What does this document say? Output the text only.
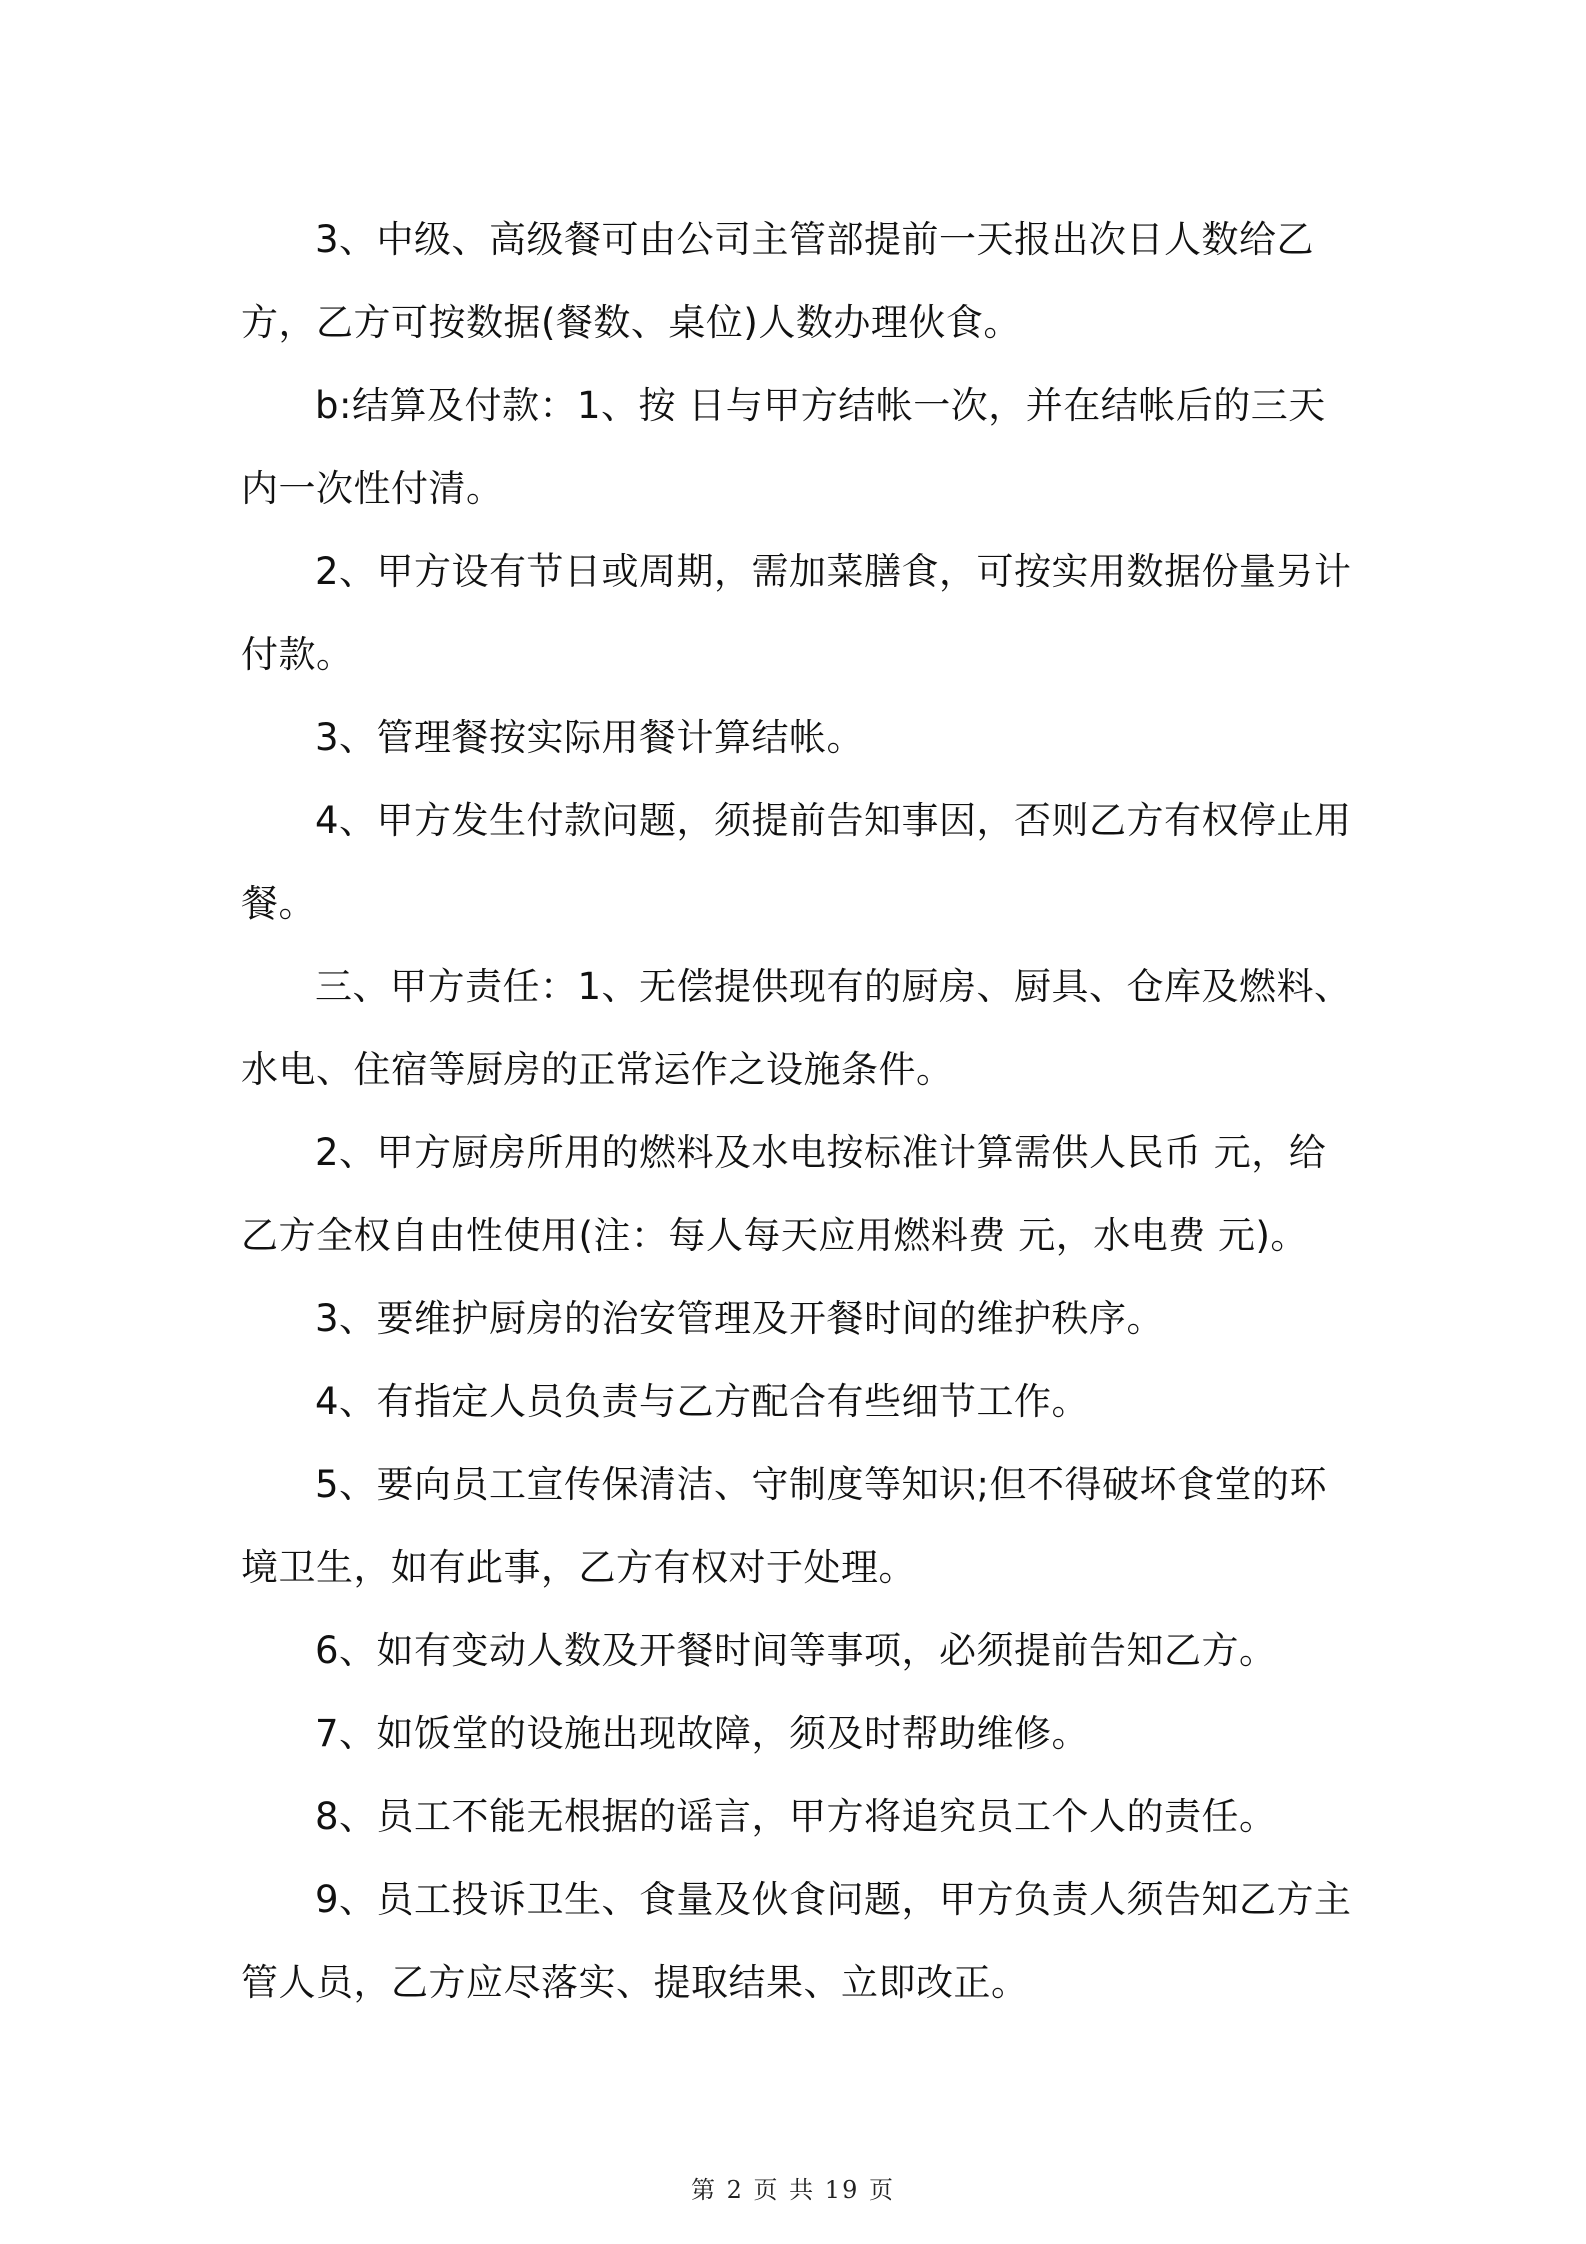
3、中级、高级餐可由公司主管部提前一天报出次日人数给乙方，乙方可按数据(餐数、桌位)人数办理伙食。

b:结算及付款：1、按 日与甲方结帐一次，并在结帐后的三天内一次性付清。

2、甲方设有节日或周期，需加菜膳食，可按实用数据份量另计付款。

3、管理餐按实际用餐计算结帐。

4、甲方发生付款问题，须提前告知事因，否则乙方有权停止用餐。

三、甲方责任：1、无偿提供现有的厨房、厨具、仓库及燃料、水电、住宿等厨房的正常运作之设施条件。

2、甲方厨房所用的燃料及水电按标准计算需供人民币 元，给乙方全权自由性使用(注：每人每天应用燃料费 元，水电费 元)。

3、要维护厨房的治安管理及开餐时间的维护秩序。

4、有指定人员负责与乙方配合有些细节工作。

5、要向员工宣传保清洁、守制度等知识;但不得破坏食堂的环境卫生，如有此事，乙方有权对于处理。

6、如有变动人数及开餐时间等事项，必须提前告知乙方。

7、如饭堂的设施出现故障，须及时帮助维修。

8、员工不能无根据的谣言，甲方将追究员工个人的责任。

9、员工投诉卫生、食量及伙食问题，甲方负责人须告知乙方主管人员，乙方应尽落实、提取结果、立即改正。

第 2 页 共 19 页
